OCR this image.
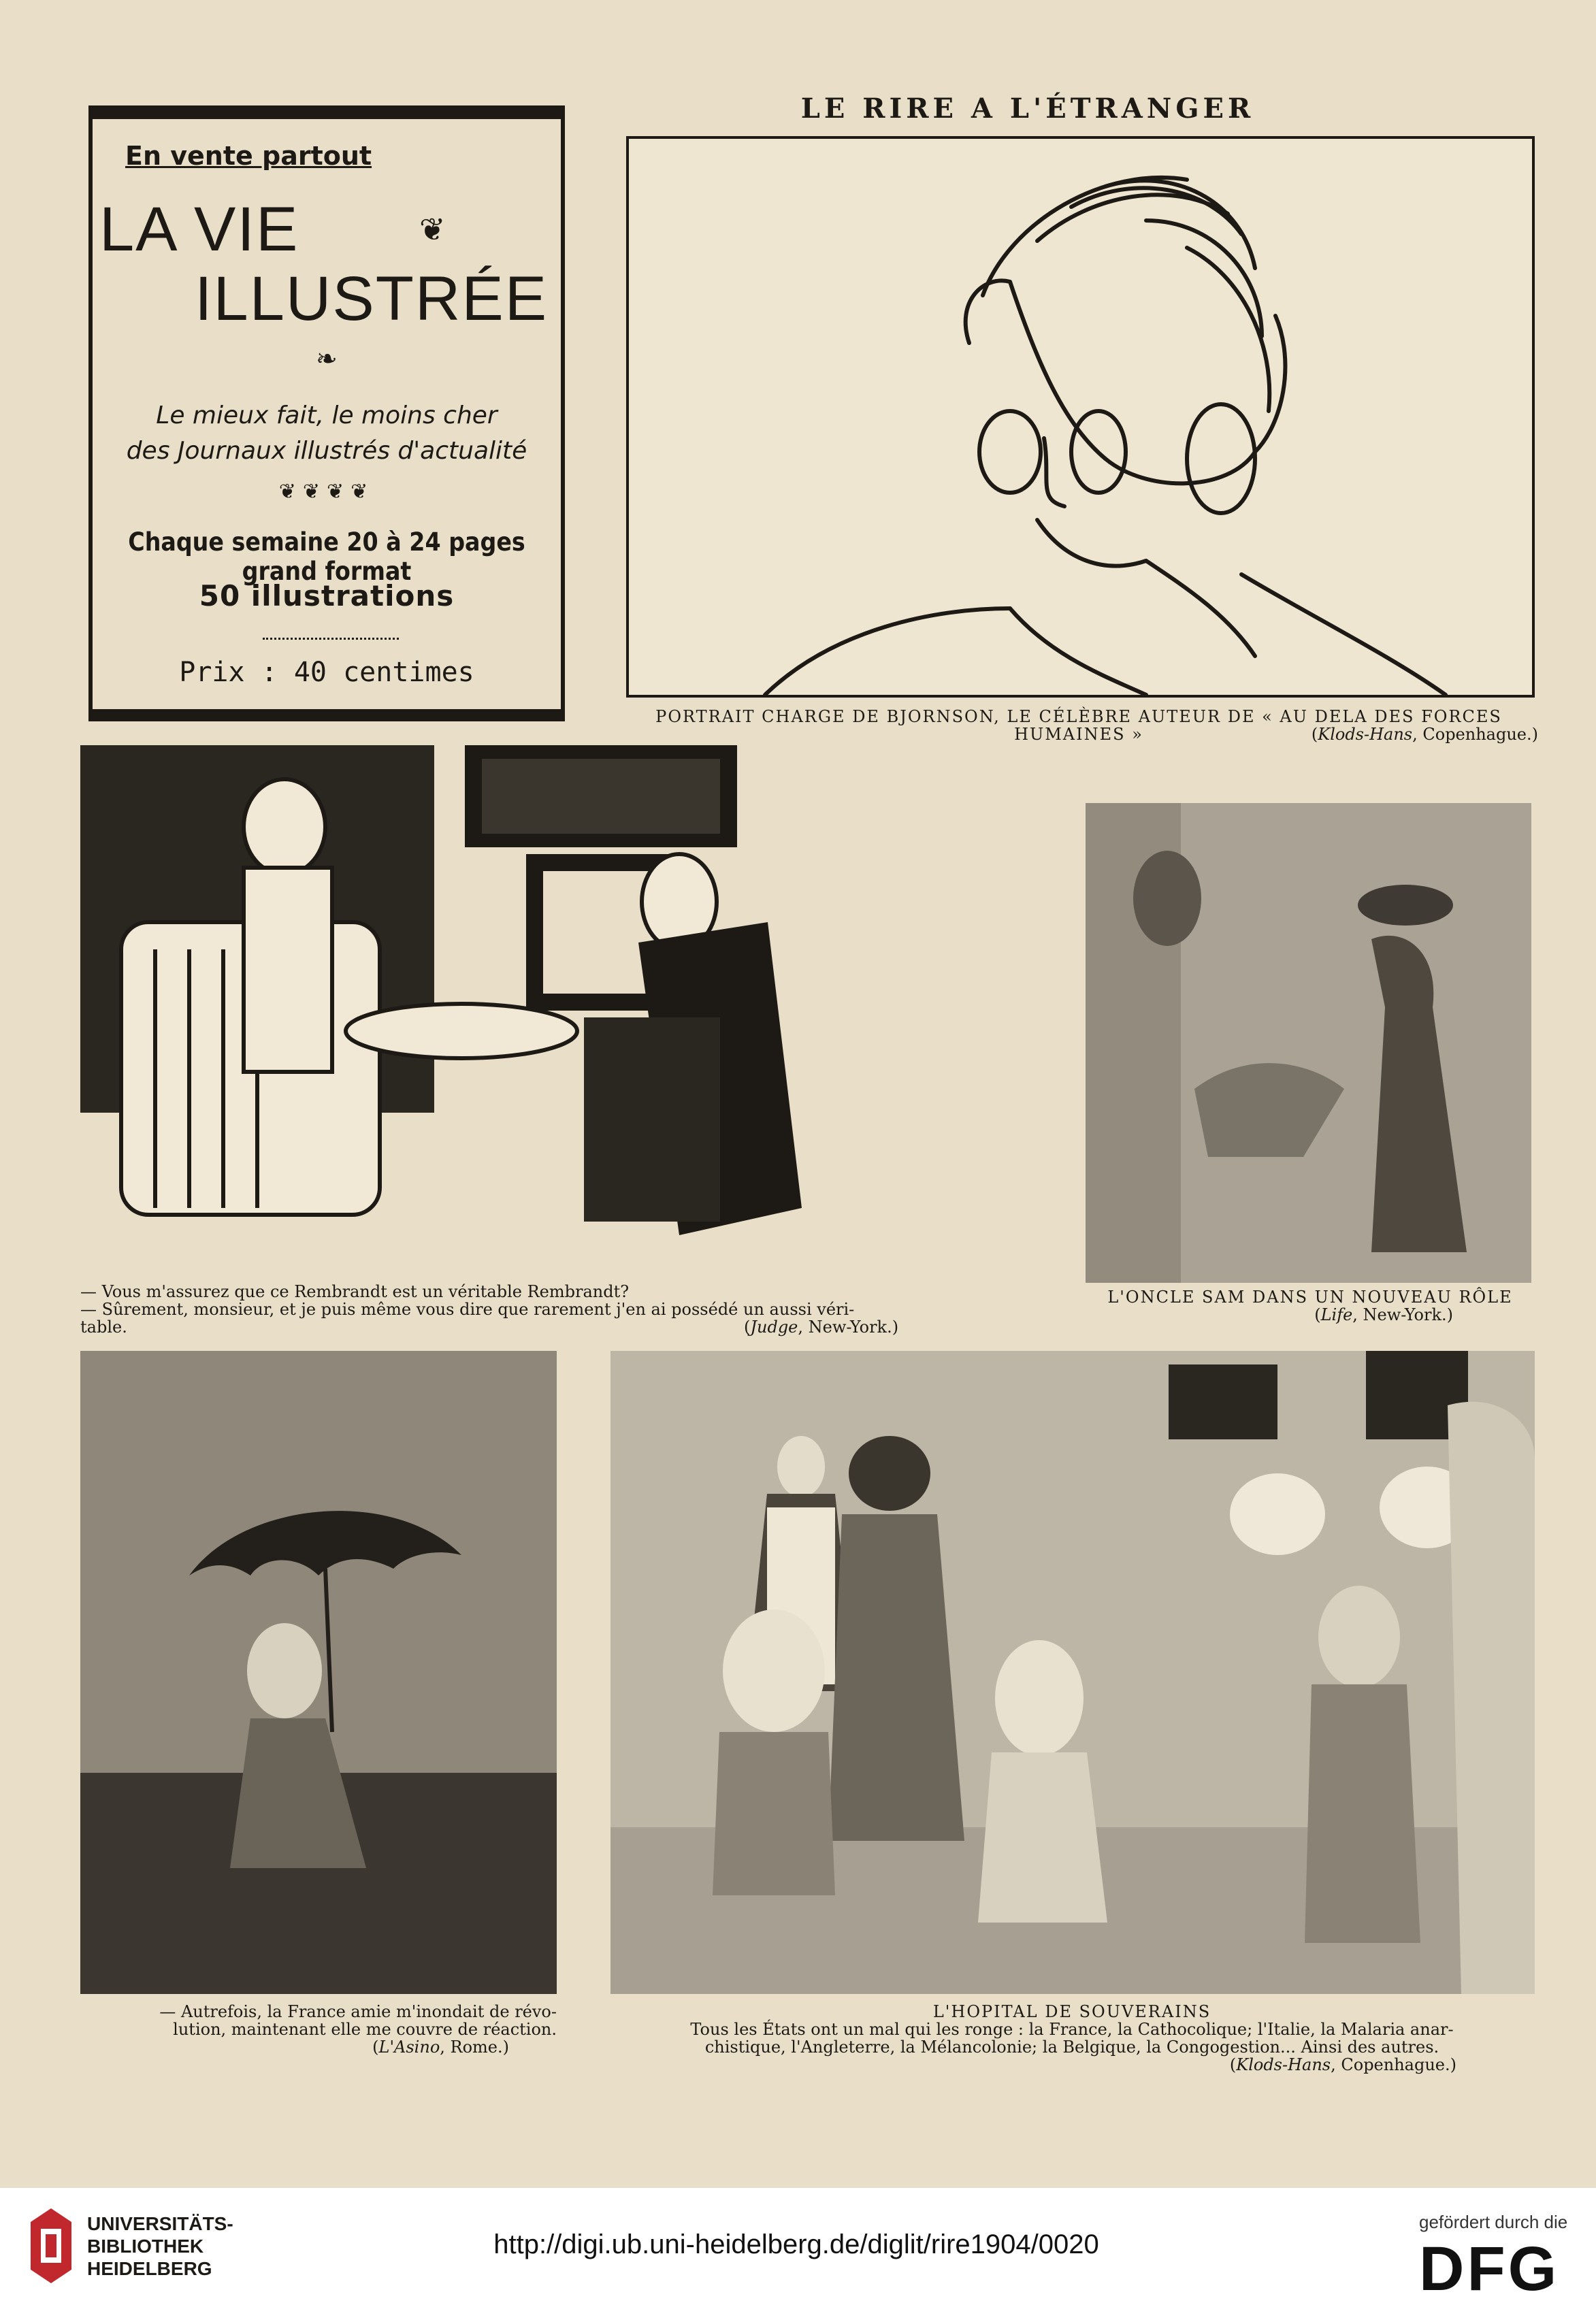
LE RIRE A L'ÉTRANGER
En vente partout
LA VIE	❦
ILLUSTRÉE
❧
Le mieux fait, le moins cher
des Journaux illustrés d'actualité
❦❦❦❦
Chaque semaine 20 à 24 pages grand format
50 illustrations
Prix : 40 centimes
PORTRAIT CHARGE DE BJORNSON, LE CÉLÈBRE AUTEUR DE « AU DELA DES FORCES HUMAINES »	(Klods-Hans, Copenhague.)
— Vous m'assurez que ce Rembrandt est un véritable Rembrandt?
— Sûrement, monsieur, et je puis même vous dire que rarement j'en ai possédé un aussi véri-
table.	(Judge, New-York.)
L'ONCLE SAM DANS UN NOUVEAU RÔLE
(Life, New-York.)
— Autrefois, la France amie m'inondait de révo-
lution, maintenant elle me couvre de réaction.
(L'Asino, Rome.)
L'HOPITAL DE SOUVERAINS
Tous les États ont un mal qui les ronge : la France, la Cathocolique; l'Italie, la Malaria anar-
chistique, l'Angleterre, la Mélancolonie; la Belgique, la Congogestion... Ainsi des autres.
(Klods-Hans, Copenhague.)
UNIVERSITÄTS-
BIBLIOTHEK
HEIDELBERG
http://digi.ub.uni-heidelberg.de/diglit/rire1904/0020
gefördert durch die
DFG
